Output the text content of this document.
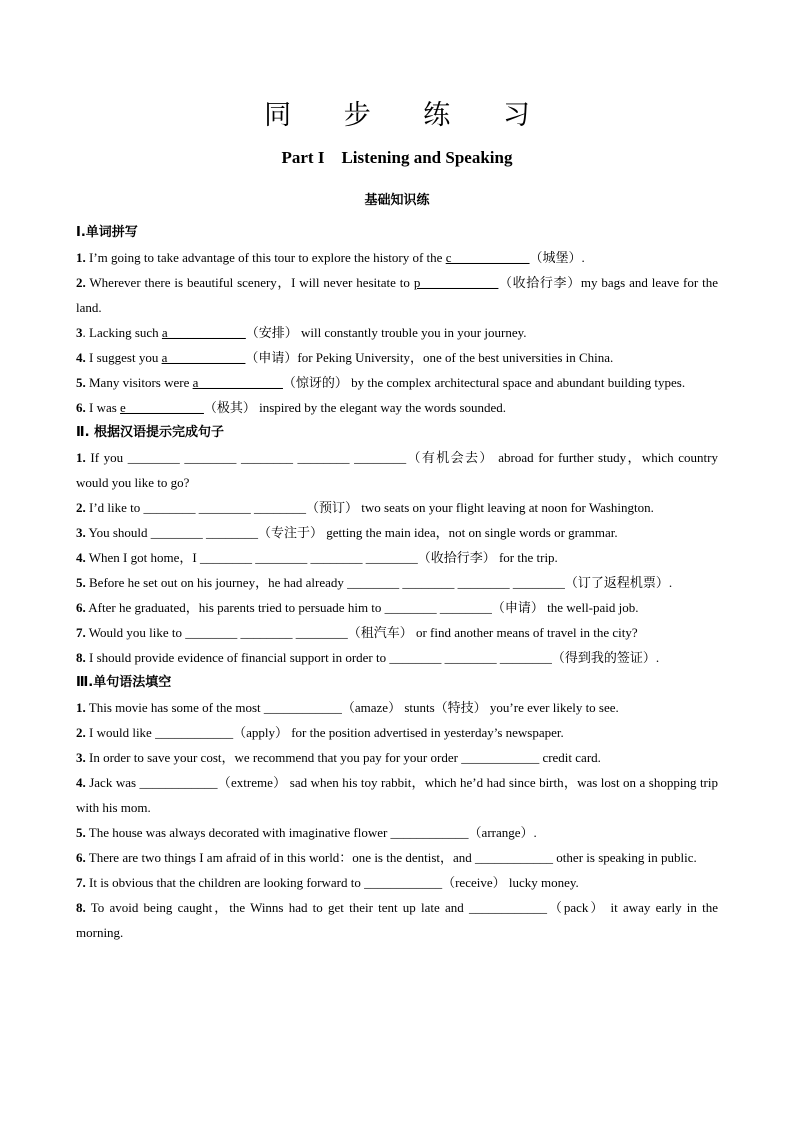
同 步 练 习
Part I    Listening and Speaking
基础知识练
Ⅰ.单词拼写
1. I’m going to take advantage of this tour to explore the history of the c____________（城堡）.
2. Wherever there is beautiful scenery，I will never hesitate to p____________（收拾行李）my bags and leave for the land.
3. Lacking such a____________（安排） will constantly trouble you in your journey.
4. I suggest you a____________（申请）for Peking University，one of the best universities in China.
5. Many visitors were a_____________（惊讶的） by the complex architectural space and abundant building types.
6. I was e____________（极其） inspired by the elegant way the words sounded.
Ⅱ. 根据汉语提示完成句子
1. If you ________ ________ ________ ________ ________（有机会去） abroad for further study，which country would you like to go?
2. I’d like to ________ ________ ________（预订） two seats on your flight leaving at noon for Washington.
3. You should ________ ________（专注于） getting the main idea，not on single words or grammar.
4. When I got home，I ________ ________ ________ ________（收拾行李） for the trip.
5. Before he set out on his journey，he had already ________ ________ ________ ________（订了返程机票）.
6. After he graduated，his parents tried to persuade him to ________ ________（申请） the well-paid job.
7. Would you like to ________ ________ ________（租汽车） or find another means of travel in the city?
8. I should provide evidence of financial support in order to ________ ________ ________（得到我的签证）.
Ⅲ.单句语法填空
1. This movie has some of the most ____________（amaze） stunts（特技） you’re ever likely to see.
2. I would like ____________（apply） for the position advertised in yesterday’s newspaper.
3. In order to save your cost，we recommend that you pay for your order ____________ credit card.
4. Jack was ____________（extreme） sad when his toy rabbit，which he’d had since birth，was lost on a shopping trip with his mom.
5. The house was always decorated with imaginative flower ____________（arrange）.
6. There are two things I am afraid of in this world：one is the dentist，and ____________ other is speaking in public.
7. It is obvious that the children are looking forward to ____________（receive） lucky money.
8. To avoid being caught，the Winns had to get their tent up late and ____________（pack） it away early in the morning.
